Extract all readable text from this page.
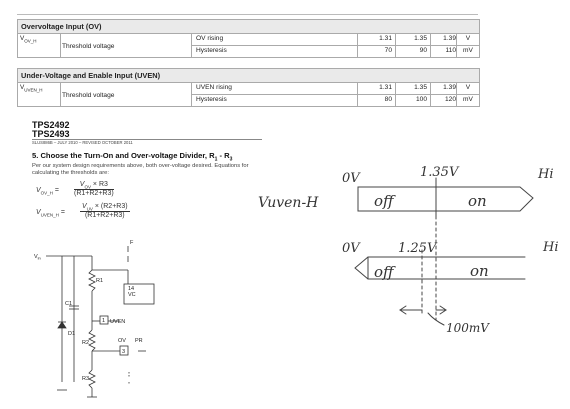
Overvoltage Input (OV)
$V_{OV\_H}$
Threshold voltage
OV rising	1.31	1.35	1.39	V
Hysteresis	70	90	110	mV
Under-Voltage and Enable Input (UVEN)
$V_{UVEN\_H}$
Threshold voltage
UVEN rising	1.31	1.35	1.39	V
Hysteresis	80	100	120	mV
TPS2492
TPS2493
SLUS886B – JULY 2010 – REVISED OCTOBER 2011
5. Choose the Turn-On and Over-voltage Divider, $R_1 - R_3$
Per our system design requirements above, both over-voltage desired. Equations for calculating the thresholds are:
$V_{OV\_H}$ =
$V_{OV} \times R3$
(R1+R2+R3)
$V_{UVEN\_H}$ =
$V_{UV} \times (R2+R3)$
(R1+R2+R3)
$V_{in}$
R1
C1
D1
R2
R3
UVEN
OV PR
VC
F
14
1
3
0V	1.35V	Hi
off	on
Vuven-H
0V	1.25V	Hi
off	on
100mV
